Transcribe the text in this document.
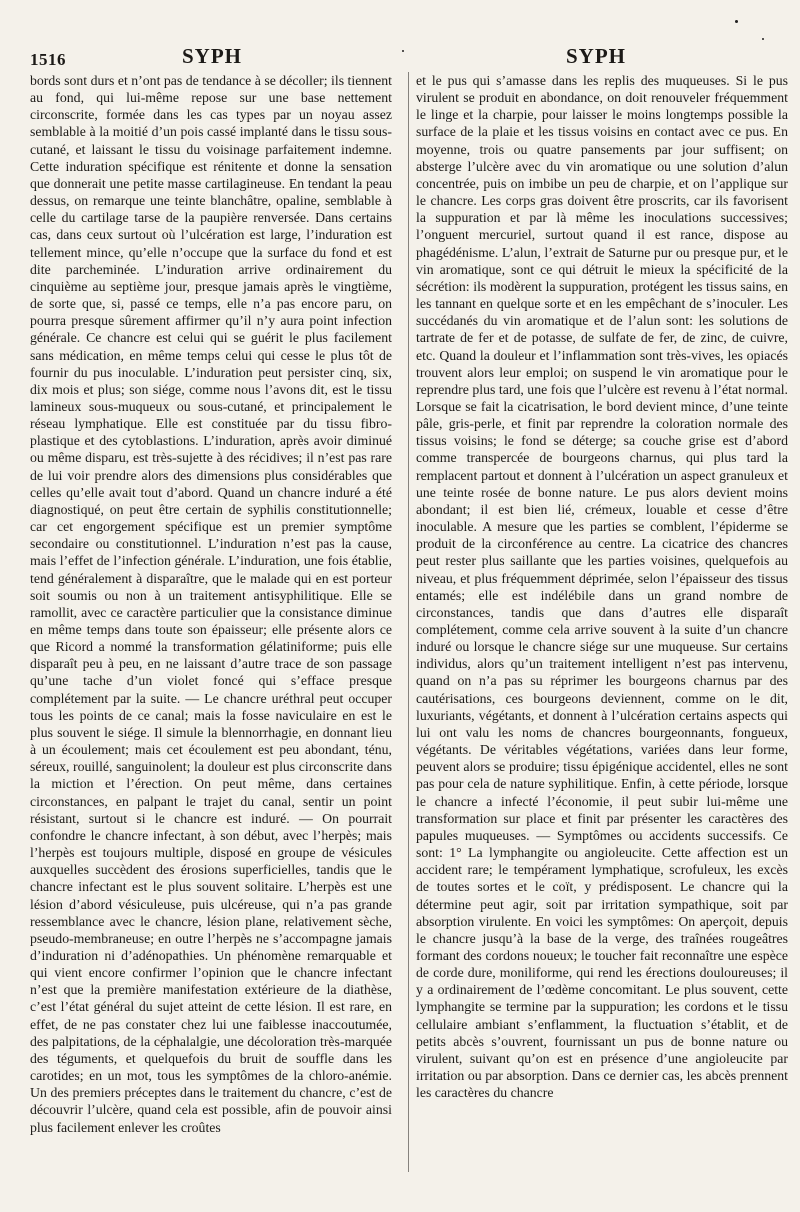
1516	SYPH	SYPH

bords sont durs et n’ont pas de tendance à se décoller; ils tiennent au fond, qui lui-même repose sur une base nettement circonscrite, formée dans les cas types par un noyau assez semblable à la moitié d’un pois cassé implanté dans le tissu sous-cutané, et laissant le tissu du voisinage parfaitement indemne. Cette induration spécifique est rénitente et donne la sensation que donnerait une petite masse cartilagineuse. En tendant la peau dessus, on remarque une teinte blanchâtre, opaline, semblable à celle du cartilage tarse de la paupière renversée. Dans certains cas, dans ceux surtout où l’ulcération est large, l’induration est tellement mince, qu’elle n’occupe que la surface du fond et est dite parcheminée. L’induration arrive ordinairement du cinquième au septième jour, presque jamais après le vingtième, de sorte que, si, passé ce temps, elle n’a pas encore paru, on pourra presque sûrement affirmer qu’il n’y aura point infection générale. Ce chancre est celui qui se guérit le plus facilement sans médication, en même temps celui qui cesse le plus tôt de fournir du pus inoculable. L’induration peut persister cinq, six, dix mois et plus; son siége, comme nous l’avons dit, est le tissu lamineux sous-muqueux ou sous-cutané, et principalement le réseau lymphatique. Elle est constituée par du tissu fibro-plastique et des cytoblastions. L’induration, après avoir diminué ou même disparu, est très-sujette à des récidives; il n’est pas rare de lui voir prendre alors des dimensions plus considérables que celles qu’elle avait tout d’abord. Quand un chancre induré a été diagnostiqué, on peut être certain de syphilis constitutionnelle; car cet engorgement spécifique est un premier symptôme secondaire ou constitutionnel. L’induration n’est pas la cause, mais l’effet de l’infection générale. L’induration, une fois établie, tend généralement à disparaître, que le malade qui en est porteur soit soumis ou non à un traitement antisyphilitique. Elle se ramollit, avec ce caractère particulier que la consistance diminue en même temps dans toute son épaisseur; elle présente alors ce que Ricord a nommé la transformation gélatiniforme; puis elle disparaît peu à peu, en ne laissant d’autre trace de son passage qu’une tache d’un violet foncé qui s’efface presque complétement par la suite. — Le chancre uréthral peut occuper tous les points de ce canal; mais la fosse naviculaire en est le plus souvent le siége. Il simule la blennorrhagie, en donnant lieu à un écoulement; mais cet écoulement est peu abondant, ténu, séreux, rouillé, sanguinolent; la douleur est plus circonscrite dans la miction et l’érection. On peut même, dans certaines circonstances, en palpant le trajet du canal, sentir un point résistant, surtout si le chancre est induré. — On pourrait confondre le chancre infectant, à son début, avec l’herpès; mais l’herpès est toujours multiple, disposé en groupe de vésicules auxquelles succèdent des érosions superficielles, tandis que le chancre infectant est le plus souvent solitaire. L’herpès est une lésion d’abord vésiculeuse, puis ulcéreuse, qui n’a pas grande ressemblance avec le chancre, lésion plane, relativement sèche, pseudo-membraneuse; en outre l’herpès ne s’accompagne jamais d’induration ni d’adénopathies. Un phénomène remarquable et qui vient encore confirmer l’opinion que le chancre infectant n’est que la première manifestation extérieure de la diathèse, c’est l’état général du sujet atteint de cette lésion. Il est rare, en effet, de ne pas constater chez lui une faiblesse inaccoutumée, des palpitations, de la céphalalgie, une décoloration très-marquée des téguments, et quelquefois du bruit de souffle dans les carotides; en un mot, tous les symptômes de la chloro-anémie. Un des premiers préceptes dans le traitement du chancre, c’est de découvrir l’ulcère, quand cela est possible, afin de pouvoir ainsi plus facilement enlever les croûtes

et le pus qui s’amasse dans les replis des muqueuses. Si le pus virulent se produit en abondance, on doit renouveler fréquemment le linge et la charpie, pour laisser le moins longtemps possible la surface de la plaie et les tissus voisins en contact avec ce pus. En moyenne, trois ou quatre pansements par jour suffisent; on absterge l’ulcère avec du vin aromatique ou une solution d’alun concentrée, puis on imbibe un peu de charpie, et on l’applique sur le chancre. Les corps gras doivent être proscrits, car ils favorisent la suppuration et par là même les inoculations successives; l’onguent mercuriel, surtout quand il est rance, dispose au phagédénisme. L’alun, l’extrait de Saturne pur ou presque pur, et le vin aromatique, sont ce qui détruit le mieux la spécificité de la sécrétion: ils modèrent la suppuration, protégent les tissus sains, en les tannant en quelque sorte et en les empêchant de s’inoculer. Les succédanés du vin aromatique et de l’alun sont: les solutions de tartrate de fer et de potasse, de sulfate de fer, de zinc, de cuivre, etc. Quand la douleur et l’inflammation sont très-vives, les opiacés trouvent alors leur emploi; on suspend le vin aromatique pour le reprendre plus tard, une fois que l’ulcère est revenu à l’état normal. Lorsque se fait la cicatrisation, le bord devient mince, d’une teinte pâle, gris-perle, et finit par reprendre la coloration normale des tissus voisins; le fond se déterge; sa couche grise est d’abord comme transpercée de bourgeons charnus, qui plus tard la remplacent partout et donnent à l’ulcération un aspect granuleux et une teinte rosée de bonne nature. Le pus alors devient moins abondant; il est bien lié, crémeux, louable et cesse d’être inoculable. A mesure que les parties se comblent, l’épiderme se produit de la circonférence au centre. La cicatrice des chancres peut rester plus saillante que les parties voisines, quelquefois au niveau, et plus fréquemment déprimée, selon l’épaisseur des tissus entamés; elle est indélébile dans un grand nombre de circonstances, tandis que dans d’autres elle disparaît complétement, comme cela arrive souvent à la suite d’un chancre induré ou lorsque le chancre siége sur une muqueuse. Sur certains individus, alors qu’un traitement intelligent n’est pas intervenu, quand on n’a pas su réprimer les bourgeons charnus par des cautérisations, ces bourgeons deviennent, comme on le dit, luxuriants, végétants, et donnent à l’ulcération certains aspects qui lui ont valu les noms de chancres bourgeonnants, fongueux, végétants. De véritables végétations, variées dans leur forme, peuvent alors se produire; tissu épigénique accidentel, elles ne sont pas pour cela de nature syphilitique. Enfin, à cette période, lorsque le chancre a infecté l’économie, il peut subir lui-même une transformation sur place et finit par présenter les caractères des papules muqueuses. — Symptômes ou accidents successifs. Ce sont: 1° La lymphangite ou angioleucite. Cette affection est un accident rare; le tempérament lymphatique, scrofuleux, les excès de toutes sortes et le coït, y prédisposent. Le chancre qui la détermine peut agir, soit par irritation sympathique, soit par absorption virulente. En voici les symptômes: On aperçoit, depuis le chancre jusqu’à la base de la verge, des traînées rougeâtres formant des cordons noueux; le toucher fait reconnaître une espèce de corde dure, moniliforme, qui rend les érections douloureuses; il y a ordinairement de l’œdème concomitant. Le plus souvent, cette lymphangite se termine par la suppuration; les cordons et le tissu cellulaire ambiant s’enflamment, la fluctuation s’établit, et de petits abcès s’ouvrent, fournissant un pus de bonne nature ou virulent, suivant qu’on est en présence d’une angioleucite par irritation ou par absorption. Dans ce dernier cas, les abcès prennent les caractères du chancre
